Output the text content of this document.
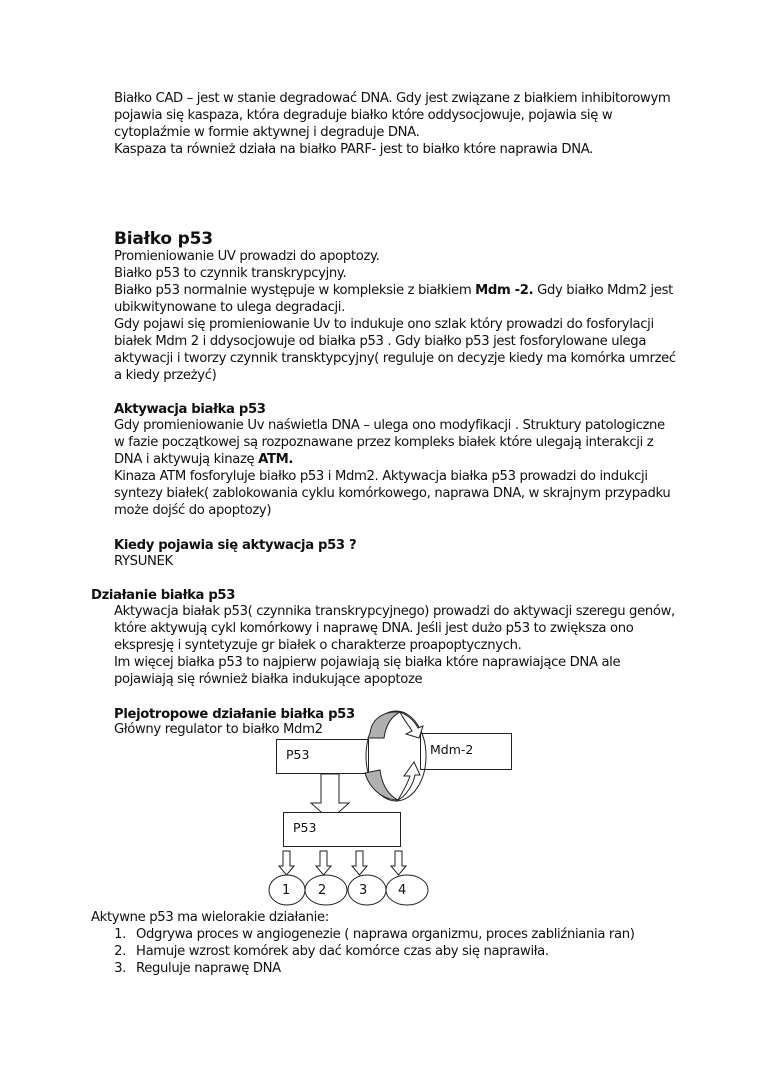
Białko CAD – jest w stanie degradować DNA. Gdy jest związane z białkiem inhibitorowym
pojawia się kaspaza, która degraduje białko które oddysocjowuje, pojawia się w
cytoplaźmie w formie aktywnej i degraduje DNA.
Kaspaza ta również działa na białko PARF- jest to białko które naprawia DNA.
Białko p53
Promieniowanie UV prowadzi do apoptozy.
Białko p53 to czynnik transkrypcyjny.
Białko p53 normalnie występuje w kompleksie z białkiem Mdm -2. Gdy białko Mdm2 jest
ubikwitynowane to ulega degradacji.
Gdy pojawi się promieniowanie Uv to indukuje ono szlak który prowadzi do fosforylacji
białek Mdm 2 i ddysocjowuje od białka p53 . Gdy białko p53 jest fosforylowane ulega
aktywacji i tworzy czynnik transktypcyjny( reguluje on decyzje kiedy ma komórka umrzeć
a kiedy przeżyć)
Aktywacja białka p53
Gdy promieniowanie Uv naświetla DNA – ulega ono modyfikacji . Struktury patologiczne
w fazie początkowej są rozpoznawane przez kompleks białek które ulegają interakcji z
DNA i aktywują kinazę ATM.
Kinaza ATM fosforyluje białko p53 i Mdm2. Aktywacja białka p53 prowadzi do indukcji
syntezy białek( zablokowania cyklu komórkowego, naprawa DNA, w skrajnym przypadku
może dojść do apoptozy)
Kiedy pojawia się aktywacja p53 ?
RYSUNEK
Działanie białka p53
Aktywacja białak p53( czynnika transkrypcyjnego) prowadzi do aktywacji szeregu genów,
które aktywują cykl komórkowy i naprawę DNA. Jeśli jest dużo p53 to zwiększa ono
ekspresję i syntetyzuje gr białek o charakterze proapoptycznych.
Im więcej białka p53 to najpierw pojawiają się białka które naprawiające DNA ale
pojawiają się również białka indukujące apoptoze
Plejotropowe działanie białka p53
Główny regulator to białko Mdm2
P53	Mdm-2
P53
1 2	3 4
Aktywne p53 ma wielorakie działanie:
1. Odgrywa proces w angiogenezie ( naprawa organizmu, proces zabliźniania ran)
2. Hamuje wzrost komórek aby dać komórce czas aby się naprawiła.
3. Reguluje naprawę DNA
